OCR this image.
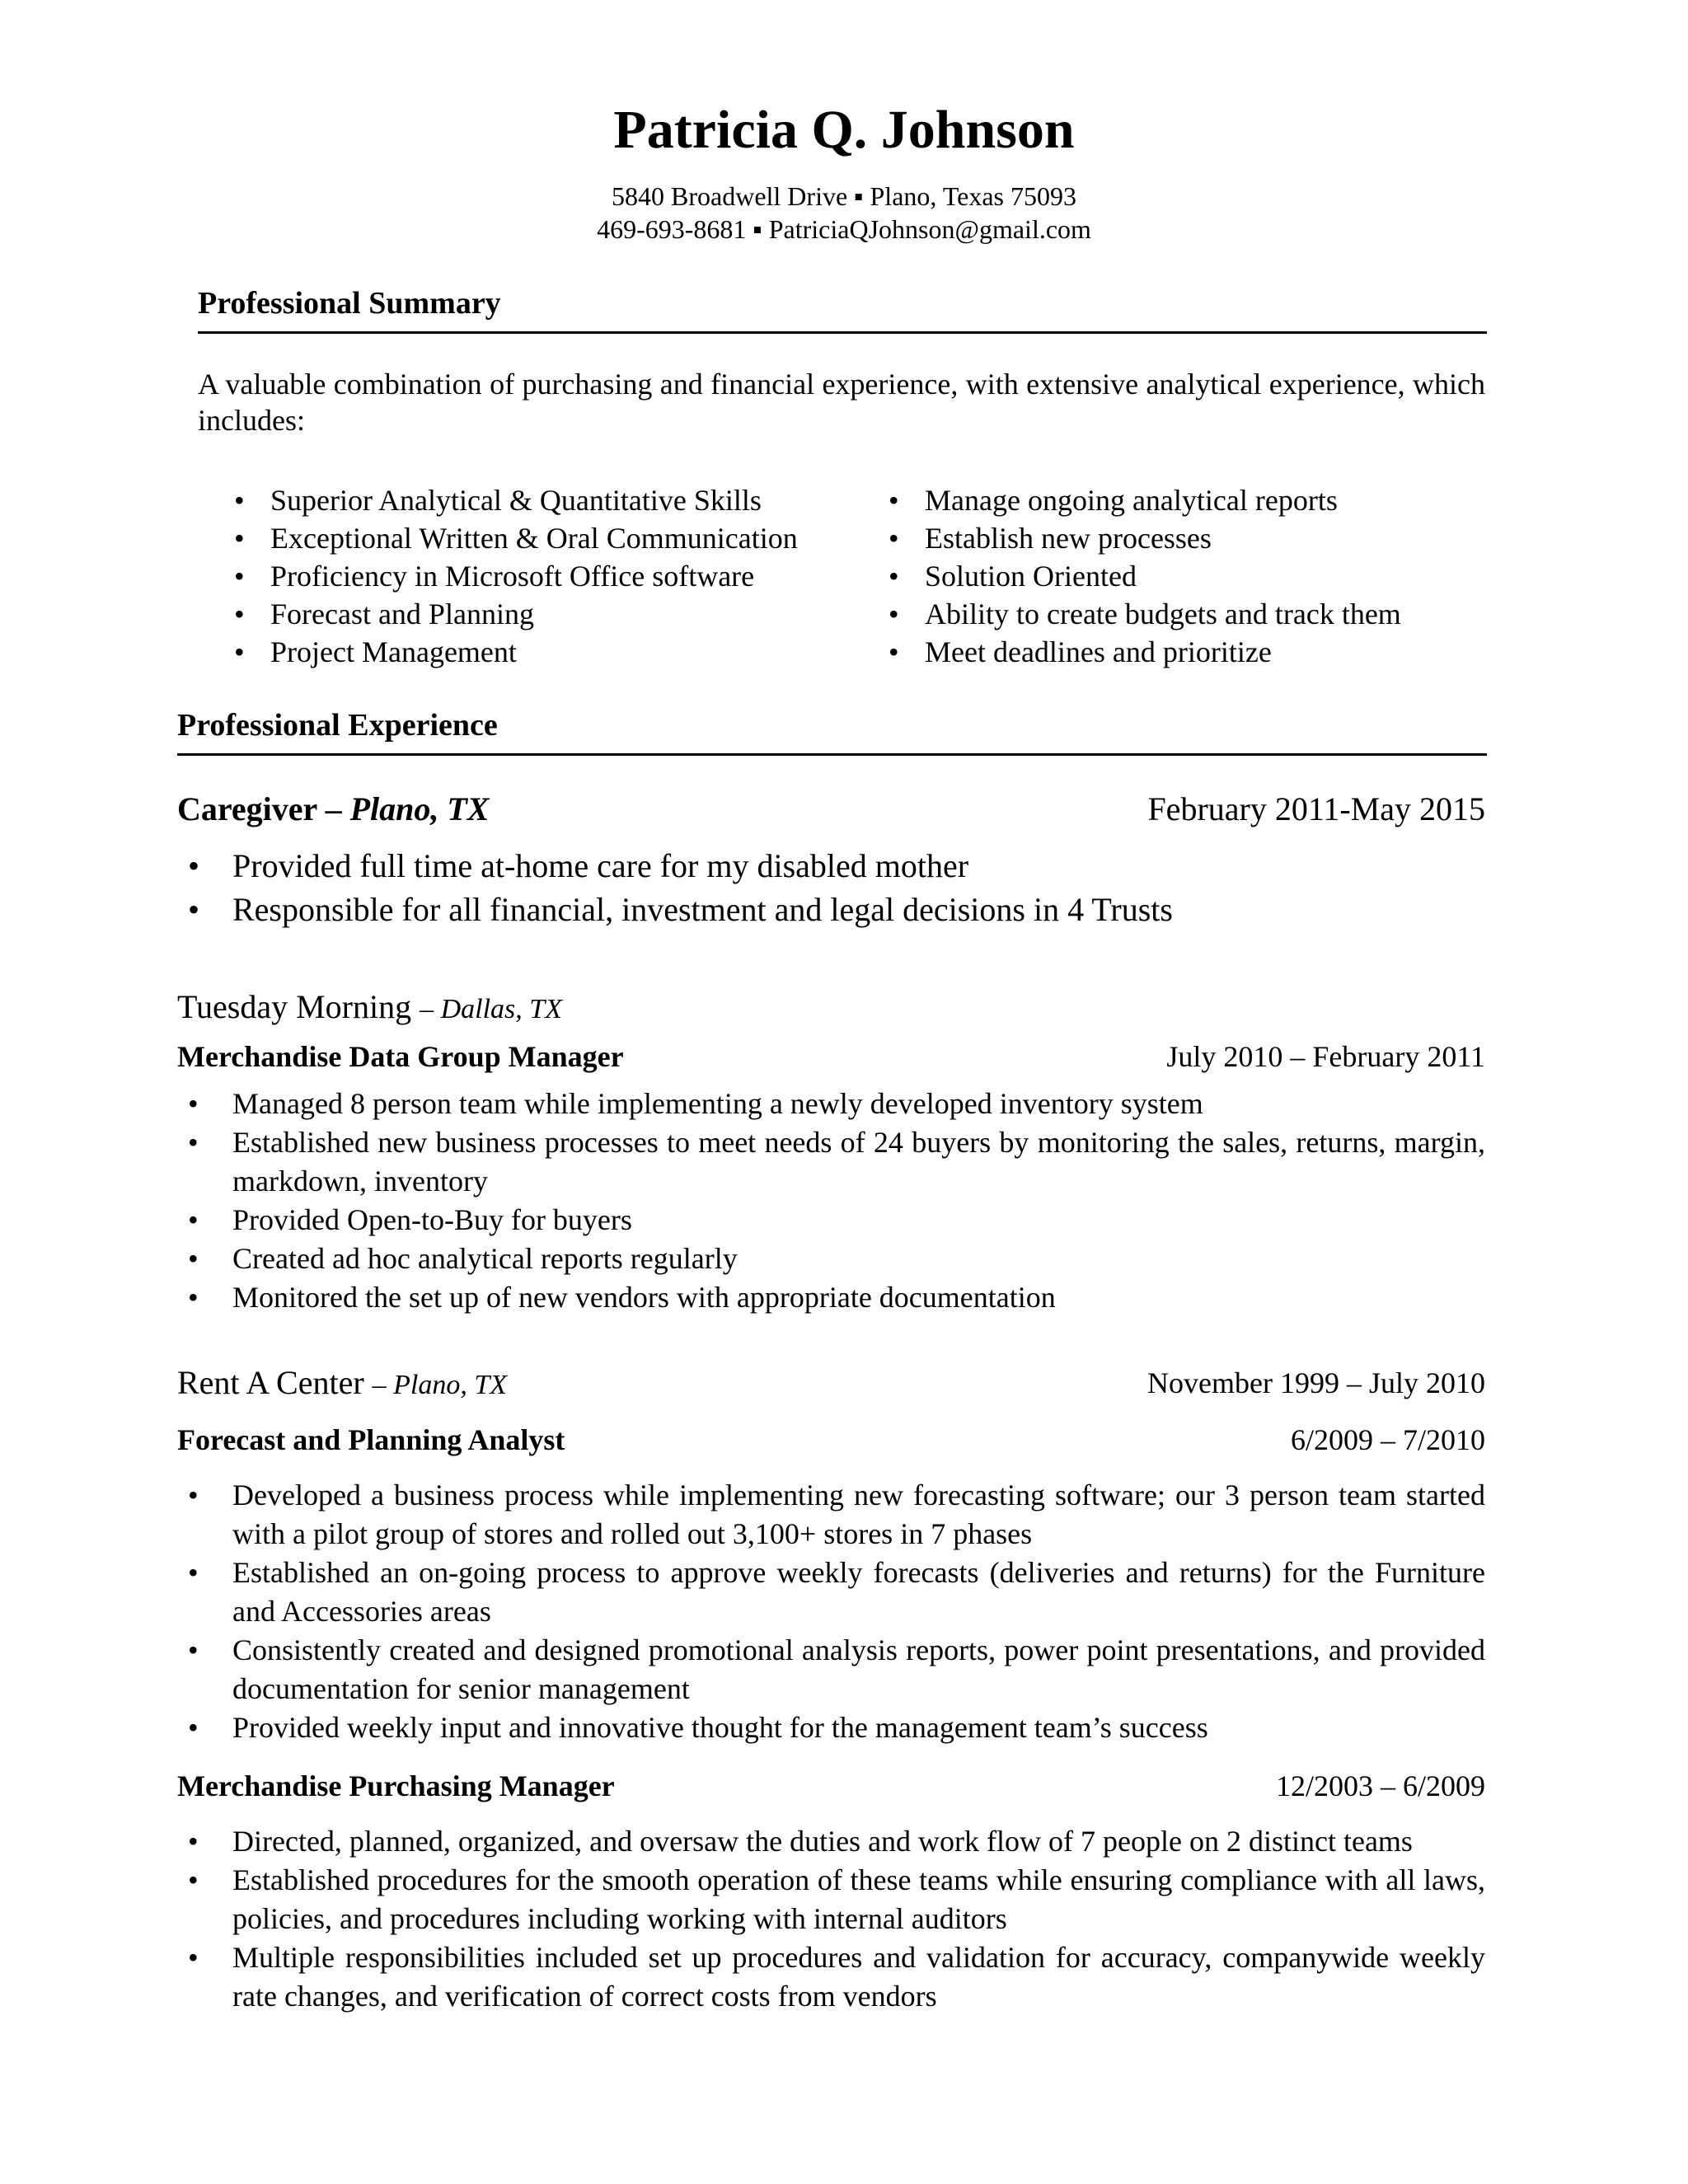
Patricia Q. Johnson
5840 Broadwell Drive ▪ Plano, Texas 75093
469-693-8681 ▪ PatriciaQJohnson@gmail.com
Professional Summary

A valuable combination of purchasing and financial experience, with extensive analytical experience, which includes:

• Superior Analytical & Quantitative Skills
• Exceptional Written & Oral Communication
• Proficiency in Microsoft Office software
• Forecast and Planning
• Project Management
• Manage ongoing analytical reports
• Establish new processes
• Solution Oriented
• Ability to create budgets and track them
• Meet deadlines and prioritize
Professional Experience
Caregiver – Plano, TX	February 2011-May 2015
• Provided full time at-home care for my disabled mother
• Responsible for all financial, investment and legal decisions in 4 Trusts
Tuesday Morning – Dallas, TX
Merchandise Data Group Manager	July 2010 – February 2011
• Managed 8 person team while implementing a newly developed inventory system
• Established new business processes to meet needs of 24 buyers by monitoring the sales, returns, margin, markdown, inventory
• Provided Open-to-Buy for buyers
• Created ad hoc analytical reports regularly
• Monitored the set up of new vendors with appropriate documentation
Rent A Center – Plano, TX	November 1999 – July 2010
Forecast and Planning Analyst	6/2009 – 7/2010
• Developed a business process while implementing new forecasting software; our 3 person team started with a pilot group of stores and rolled out 3,100+ stores in 7 phases
• Established an on-going process to approve weekly forecasts (deliveries and returns) for the Furniture and Accessories areas
• Consistently created and designed promotional analysis reports, power point presentations, and provided documentation for senior management
• Provided weekly input and innovative thought for the management team’s success
Merchandise Purchasing Manager	12/2003 – 6/2009
• Directed, planned, organized, and oversaw the duties and work flow of 7 people on 2 distinct teams
• Established procedures for the smooth operation of these teams while ensuring compliance with all laws, policies, and procedures including working with internal auditors
• Multiple responsibilities included set up procedures and validation for accuracy, companywide weekly rate changes, and verification of correct costs from vendors
